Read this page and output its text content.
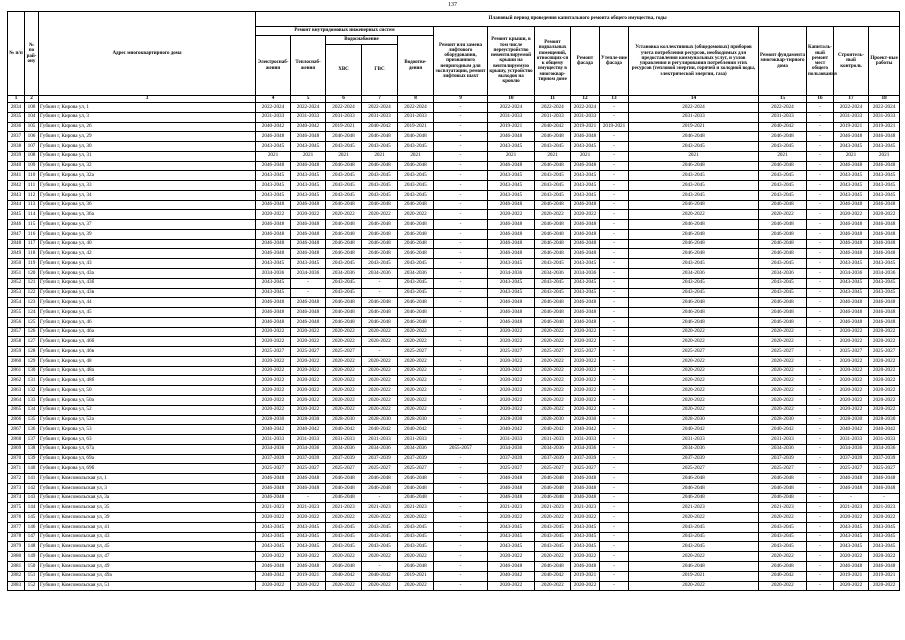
137
№ п/п	№ по рай-ону	Адрес многоквартирного дома	Плановый период проведения капитального ремонта общего имущества, годы														
			Ремонт внутридомовых инженерных систем					Ремонт или замена лифтового оборудования, признанного непригодным для эксплуатации, ремонт лифтовых шахт	Ремонт крыши, в том числе переустройство невентилируемой крыши на вентилируемую крышу, устройство выходов на кровлю	Ремонт подвальных помещений, относящих-ся к общему имуществу в многоквар-тирном доме	Ремонт фасада	Утепле-ние фасада	Установка коллективных (общедомовых) приборов учета потребления ресурсов, необходимых для предоставления коммунальных услуг, и узлов управления и регулирования потребления этих ресурсов (тепловой энергии, горячей и холодной воды, электрической энергии, газа)	Ремонт фундамента многоквар-тирного дома	Капиталь-ный ремонт мест общего пользования	Строитель-ный контроль	Проект-ные работы
			Электроснаб-жения	Теплоснаб-жения	Водоснабжение		Водоотве-дения										
					ХВС	ГВС											
1	2	3	4	5	6	7	8	9	10	11	12	13	14	15	16	17	18
2834	100	Губкин г, Кирова ул, 1	2022-2024	2022-2024	2022-2024	2022-2024	2022-2024	-	2022-2024	2022-2024	2022-2024	-	2022-2024	2022-2024	-	2022-2024	2022-2024
2835	104	Губкин г, Кирова ул, 3	2031-2033	2031-2033	2031-2033	2031-2033	2031-2033	-	2031-2033	2031-2033	2031-2033	-	2031-2033	2031-2033	-	2031-2033	2031-2033
2836	105	Губкин г, Кирова ул, 26	2040-2042	2040-2042	2019-2021	2040-2042	2019-2021	-	2019-2021	2040-2042	2019-2021	2019-2021	2019-2021	2040-2042	-	2019-2021	2019-2021
2837	106	Губкин г, Кирова ул, 29	2046-2048	2046-2048	2046-2048	2046-2048	2046-2048	-	2046-2048	2046-2048	2046-2048	-	2046-2048	2046-2048	-	2046-2048	2046-2048
2838	107	Губкин г, Кирова ул, 30	2043-2045	2043-2045	2043-2045	2043-2045	2043-2045	-	2043-2045	2043-2045	2043-2045	-	2043-2045	2043-2045	-	2043-2045	2043-2045
2839	108	Губкин г, Кирова ул, 31	2021	2021	2021	2021	2021	-	2021	2021	2021	-	2021	2021	-	2021	2021
2840	109	Губкин г, Кирова ул, 32	2046-2048	2046-2048	2046-2048	2046-2048	2046-2048	-	2046-2048	2046-2048	2046-2048	-	2046-2048	2046-2048	-	2046-2048	2046-2048
2841	110	Губкин г, Кирова ул, 32а	2043-2045	2043-2045	2043-2045	2043-2045	2043-2045	-	2043-2045	2043-2045	2043-2045	-	2043-2045	2043-2045	-	2043-2045	2043-2045
2842	111	Губкин г, Кирова ул, 33	2043-2045	2043-2045	2043-2045	2043-2045	2043-2045	-	2043-2045	2043-2045	2043-2045	-	2043-2045	2043-2045	-	2043-2045	2043-2045
2843	112	Губкин г, Кирова ул, 34	2043-2045	2043-2045	2043-2045	2043-2045	2043-2045	-	2043-2045	2043-2045	2043-2045	-	2043-2045	2043-2045	-	2043-2045	2043-2045
2844	113	Губкин г, Кирова ул, 36	2046-2048	2046-2048	2046-2048	2046-2048	2046-2048	-	2046-2048	2046-2048	2046-2048	-	2046-2048	2046-2048	-	2046-2048	2046-2048
2845	114	Губкин г, Кирова ул, 36а	2020-2022	2020-2022	2020-2022	2020-2022	2020-2022	-	2020-2022	2020-2022	2020-2022	-	2020-2022	2020-2022	-	2020-2022	2020-2022
2846	115	Губкин г, Кирова ул, 37	2046-2048	2046-2048	2046-2048	2046-2048	2046-2048	-	2046-2048	2046-2048	2046-2048	-	2046-2048	2046-2048	-	2046-2048	2046-2048
2847	116	Губкин г, Кирова ул, 39	2046-2048	2046-2048	2046-2048	2046-2048	2046-2048	-	2046-2048	2046-2048	2046-2048	-	2046-2048	2046-2048	-	2046-2048	2046-2048
2848	117	Губкин г, Кирова ул, 40	2046-2048	2046-2048	2046-2048	2046-2048	2046-2048	-	2046-2048	2046-2048	2046-2048	-	2046-2048	2046-2048	-	2046-2048	2046-2048
2849	118	Губкин г, Кирова ул, 42	2046-2048	2046-2048	2046-2048	2046-2048	2046-2048	-	2046-2048	2046-2048	2046-2048	-	2046-2048	2046-2048	-	2046-2048	2046-2048
2850	119	Губкин г, Кирова ул, 43	2043-2045	2043-2045	2043-2045	2043-2045	2043-2045	-	2043-2045	2043-2045	2043-2045	-	2043-2045	2043-2045	-	2043-2045	2043-2045
2851	120	Губкин г, Кирова ул, 43а	2034-2036	2034-2036	2034-2036	2034-2036	2034-2036	-	2034-2036	2034-2036	2034-2036	-	2034-2036	2034-2036	-	2034-2036	2034-2036
2852	121	Губкин г, Кирова ул, 43б	2043-2045	-	2043-2045	-	2043-2045	-	2043-2045	2043-2045	2043-2045	-	2043-2045	2043-2045	-	2043-2045	2043-2045
2853	122	Губкин г, Кирова ул, 43в	2043-2045	-	2043-2045	-	2043-2045	-	2043-2045	2043-2045	2043-2045	-	2043-2045	2043-2045	-	2043-2045	2043-2045
2854	123	Губкин г, Кирова ул, 44	2046-2048	2046-2048	2046-2048	2046-2048	2046-2048	-	2046-2048	2046-2048	2046-2048	-	2046-2048	2046-2048	-	2046-2048	2046-2048
2855	124	Губкин г, Кирова ул, 45	2046-2048	2046-2048	2046-2048	2046-2048	2046-2048	-	2046-2048	2046-2048	2046-2048	-	2046-2048	2046-2048	-	2046-2048	2046-2048
2856	125	Губкин г, Кирова ул, 46	2046-2048	2046-2048	2046-2048	2046-2048	2046-2048	-	2046-2048	2046-2048	2046-2048	-	2046-2048	2046-2048	-	2046-2048	2046-2048
2857	126	Губкин г, Кирова ул, 46а	2020-2022	2020-2022	2020-2022	2020-2022	2020-2022	-	2020-2022	2020-2022	2020-2022	-	2020-2022	2020-2022	-	2020-2022	2020-2022
2858	127	Губкин г, Кирова ул, 46б	2020-2022	2020-2022	2020-2022	2020-2022	2020-2022	-	2020-2022	2020-2022	2020-2022	-	2020-2022	2020-2022	-	2020-2022	2020-2022
2859	128	Губкин г, Кирова ул, 46в	2025-2027	2025-2027	2025-2027	-	2025-2027	-	2025-2027	2025-2027	2025-2027	-	2025-2027	2025-2027	-	2025-2027	2025-2027
2860	129	Губкин г, Кирова ул, 48	2020-2022	2020-2022	2020-2022	2020-2022	2020-2022	-	2020-2022	2020-2022	2020-2022	-	2020-2022	2020-2022	-	2020-2022	2020-2022
2861	130	Губкин г, Кирова ул, 48а	2020-2022	2020-2022	2020-2022	2020-2022	2020-2022	-	2020-2022	2020-2022	2020-2022	-	2020-2022	2020-2022	-	2020-2022	2020-2022
2862	131	Губкин г, Кирова ул, 48б	2020-2022	2020-2022	2020-2022	2020-2022	2020-2022	-	2020-2022	2020-2022	2020-2022	-	2020-2022	2020-2022	-	2020-2022	2020-2022
2863	132	Губкин г, Кирова ул, 50	2020-2022	2020-2022	2020-2022	2020-2022	2020-2022	-	2020-2022	2020-2022	2020-2022	-	2020-2022	2020-2022	-	2020-2022	2020-2022
2864	133	Губкин г, Кирова ул, 50а	2020-2022	2020-2022	2020-2022	2020-2022	2020-2022	-	2020-2022	2020-2022	2020-2022	-	2020-2022	2020-2022	-	2020-2022	2020-2022
2865	134	Губкин г, Кирова ул, 52	2020-2022	2020-2022	2020-2022	2020-2022	2020-2022	-	2020-2022	2020-2022	2020-2022	-	2020-2022	2020-2022	-	2020-2022	2020-2022
2866	135	Губкин г, Кирова ул, 52а	2028-2030	2028-2030	2028-2030	2028-2030	2028-2030	-	2028-2030	2028-2030	2028-2030	-	2028-2030	2028-2030	-	2028-2030	2028-2030
2867	136	Губкин г, Кирова ул, 53	2040-2042	2040-2042	2040-2042	2040-2042	2040-2042	-	2040-2042	2040-2042	2040-2042	-	2040-2042	2040-2042	-	2040-2042	2040-2042
2868	137	Губкин г, Кирова ул, 63	2031-2033	2031-2033	2031-2033	2031-2033	2031-2033	-	2031-2033	2031-2033	2031-2033	-	2031-2033	2031-2033	-	2031-2033	2031-2033
2869	138	Губкин г, Кирова ул, 67а	2034-2036	2034-2036	2034-2036	2034-2036	2034-2036	2055-2057	2034-2036	2034-2036	2034-2036	-	2034-2036	2034-2036	-	2034-2036	2034-2036
2870	139	Губкин г, Кирова ул, 69а	2037-2039	2037-2039	2037-2039	2037-2039	2037-2039	-	2037-2039	2037-2039	2037-2039	-	2037-2039	2037-2039	-	2037-2039	2037-2039
2871	140	Губкин г, Кирова ул, 69б	2025-2027	2025-2027	2025-2027	2025-2027	2025-2027	-	2025-2027	2025-2027	2025-2027	-	2025-2027	2025-2027	-	2025-2027	2025-2027
2872	141	Губкин г, Комсомольская ул, 1	2046-2048	2046-2048	2046-2048	2046-2048	2046-2048	-	2046-2048	2046-2048	2046-2048	-	2046-2048	2046-2048	-	2046-2048	2046-2048
2873	142	Губкин г, Комсомольская ул, 3	2046-2048	2046-2048	2046-2048	2046-2048	2046-2048	-	2046-2048	2046-2048	2046-2048	-	2046-2048	2046-2048	-	2046-2048	2046-2048
2874	143	Губкин г, Комсомольская ул, 3а	2046-2048	-	2046-2048	-	2046-2048	-	2046-2048	2046-2048	2046-2048	-	2046-2048	2046-2048	-	-	-
2875	144	Губкин г, Комсомольская ул, 35	2021-2023	2021-2023	2021-2023	2021-2023	2021-2023	-	2021-2023	2021-2023	2021-2023	-	2021-2023	2021-2023	-	2021-2023	2021-2023
2876	145	Губкин г, Комсомольская ул, 39	2020-2022	2020-2022	2020-2022	2020-2022	2020-2022	-	2020-2022	2020-2022	2020-2022	-	2020-2022	2020-2022	-	2020-2022	2020-2022
2877	146	Губкин г, Комсомольская ул, 41	2043-2045	2043-2045	2043-2045	2043-2045	2043-2045	-	2043-2045	2043-2045	2043-2045	-	2043-2045	2043-2045	-	2043-2045	2043-2045
2878	147	Губкин г, Комсомольская ул, 43	2043-2045	2043-2045	2043-2045	2043-2045	2043-2045	-	2043-2045	2043-2045	2043-2045	-	2043-2045	2043-2045	-	2043-2045	2043-2045
2879	148	Губкин г, Комсомольская ул, 45	2043-2045	2043-2045	2043-2045	2043-2045	2043-2045	-	2043-2045	2043-2045	2043-2045	-	2043-2045	2043-2045	-	2043-2045	2043-2045
2880	149	Губкин г, Комсомольская ул, 47	2020-2022	2020-2022	2020-2022	2020-2022	2020-2022	-	2020-2022	2020-2022	2020-2022	-	2020-2022	2020-2022	-	2020-2022	2020-2022
2881	150	Губкин г, Комсомольская ул, 49	2046-2048	2046-2048	2046-2048	-	2046-2048	-	2046-2048	2046-2048	2046-2048	-	2046-2048	2046-2048	-	2046-2048	2046-2048
2882	151	Губкин г, Комсомольская ул, 49а	2040-2042	2019-2021	2040-2042	2040-2042	2019-2021	-	2040-2042	2040-2042	2019-2021	-	2019-2021	2040-2042	-	2019-2021	2019-2021
2883	152	Губкин г, Комсомольская ул, 51	2020-2022	2020-2022	2020-2022	2020-2022	2020-2022	-	2020-2022	2020-2022	2020-2022	-	2020-2022	2020-2022	-	2020-2022	2020-2022
